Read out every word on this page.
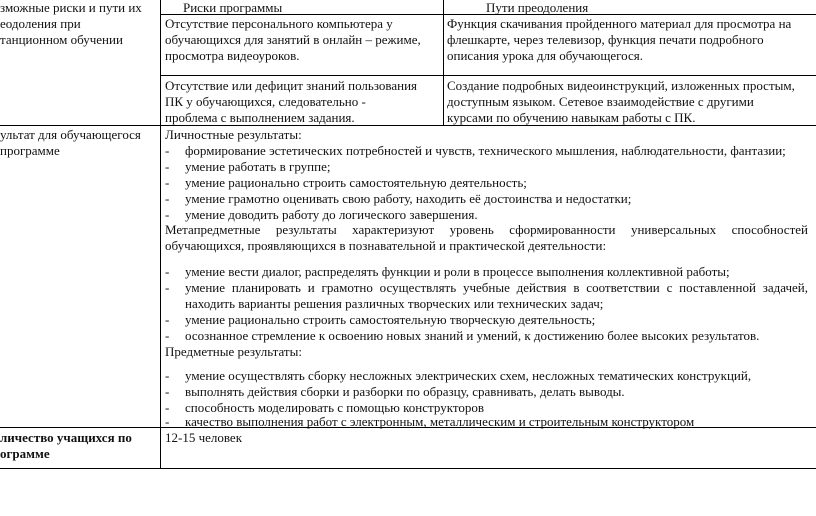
зможные риски и пути их
еодоления при
танционном обучении
Риски программы	Пути преодоления
Отсутствие персонального компьютера у
обучающихся для занятий в онлайн – режиме,
просмотра видеоуроков.
Функция скачивания пройденного материал для просмотра на
флешкарте, через телевизор, функция печати подробного
описания урока для обучающегося.
Отсутствие или дефицит знаний пользования
ПК у обучающихся, следовательно -
проблема с выполнением задания.
Создание подробных видеоинструкций, изложенных простым,
доступным языком. Сетевое взаимодействие с другими
курсами по обучению навыкам работы с ПК.
ультат для обучающегося
программе
Личностные результаты:
- формирование эстетических потребностей и чувств, технического мышления, наблюдательности, фантазии;
- умение работать в группе;
- умение рационально строить самостоятельную деятельность;
- умение грамотно оценивать свою работу, находить её достоинства и недостатки;
- умение доводить работу до логического завершения.
Метапредметные результаты характеризуют уровень сформированности универсальных способностей
обучающихся, проявляющихся в познавательной и практической деятельности:
- умение вести диалог, распределять функции и роли в процессе выполнения коллективной работы;
- умение планировать и грамотно осуществлять учебные действия в соответствии с поставленной задачей,
находить варианты решения различных творческих или технических задач;
- умение рационально строить самостоятельную творческую деятельность;
- осознанное стремление к освоению новых знаний и умений, к достижению более высоких результатов.
Предметные результаты:
- умение осуществлять сборку несложных электрических схем, несложных тематических конструкций,
- выполнять действия сборки и разборки по образцу, сравнивать, делать выводы.
- способность моделировать с помощью конструкторов
- качество выполнения работ с электронным, металлическим и строительным конструктором
личество учащихся по
ограмме
12-15 человек
